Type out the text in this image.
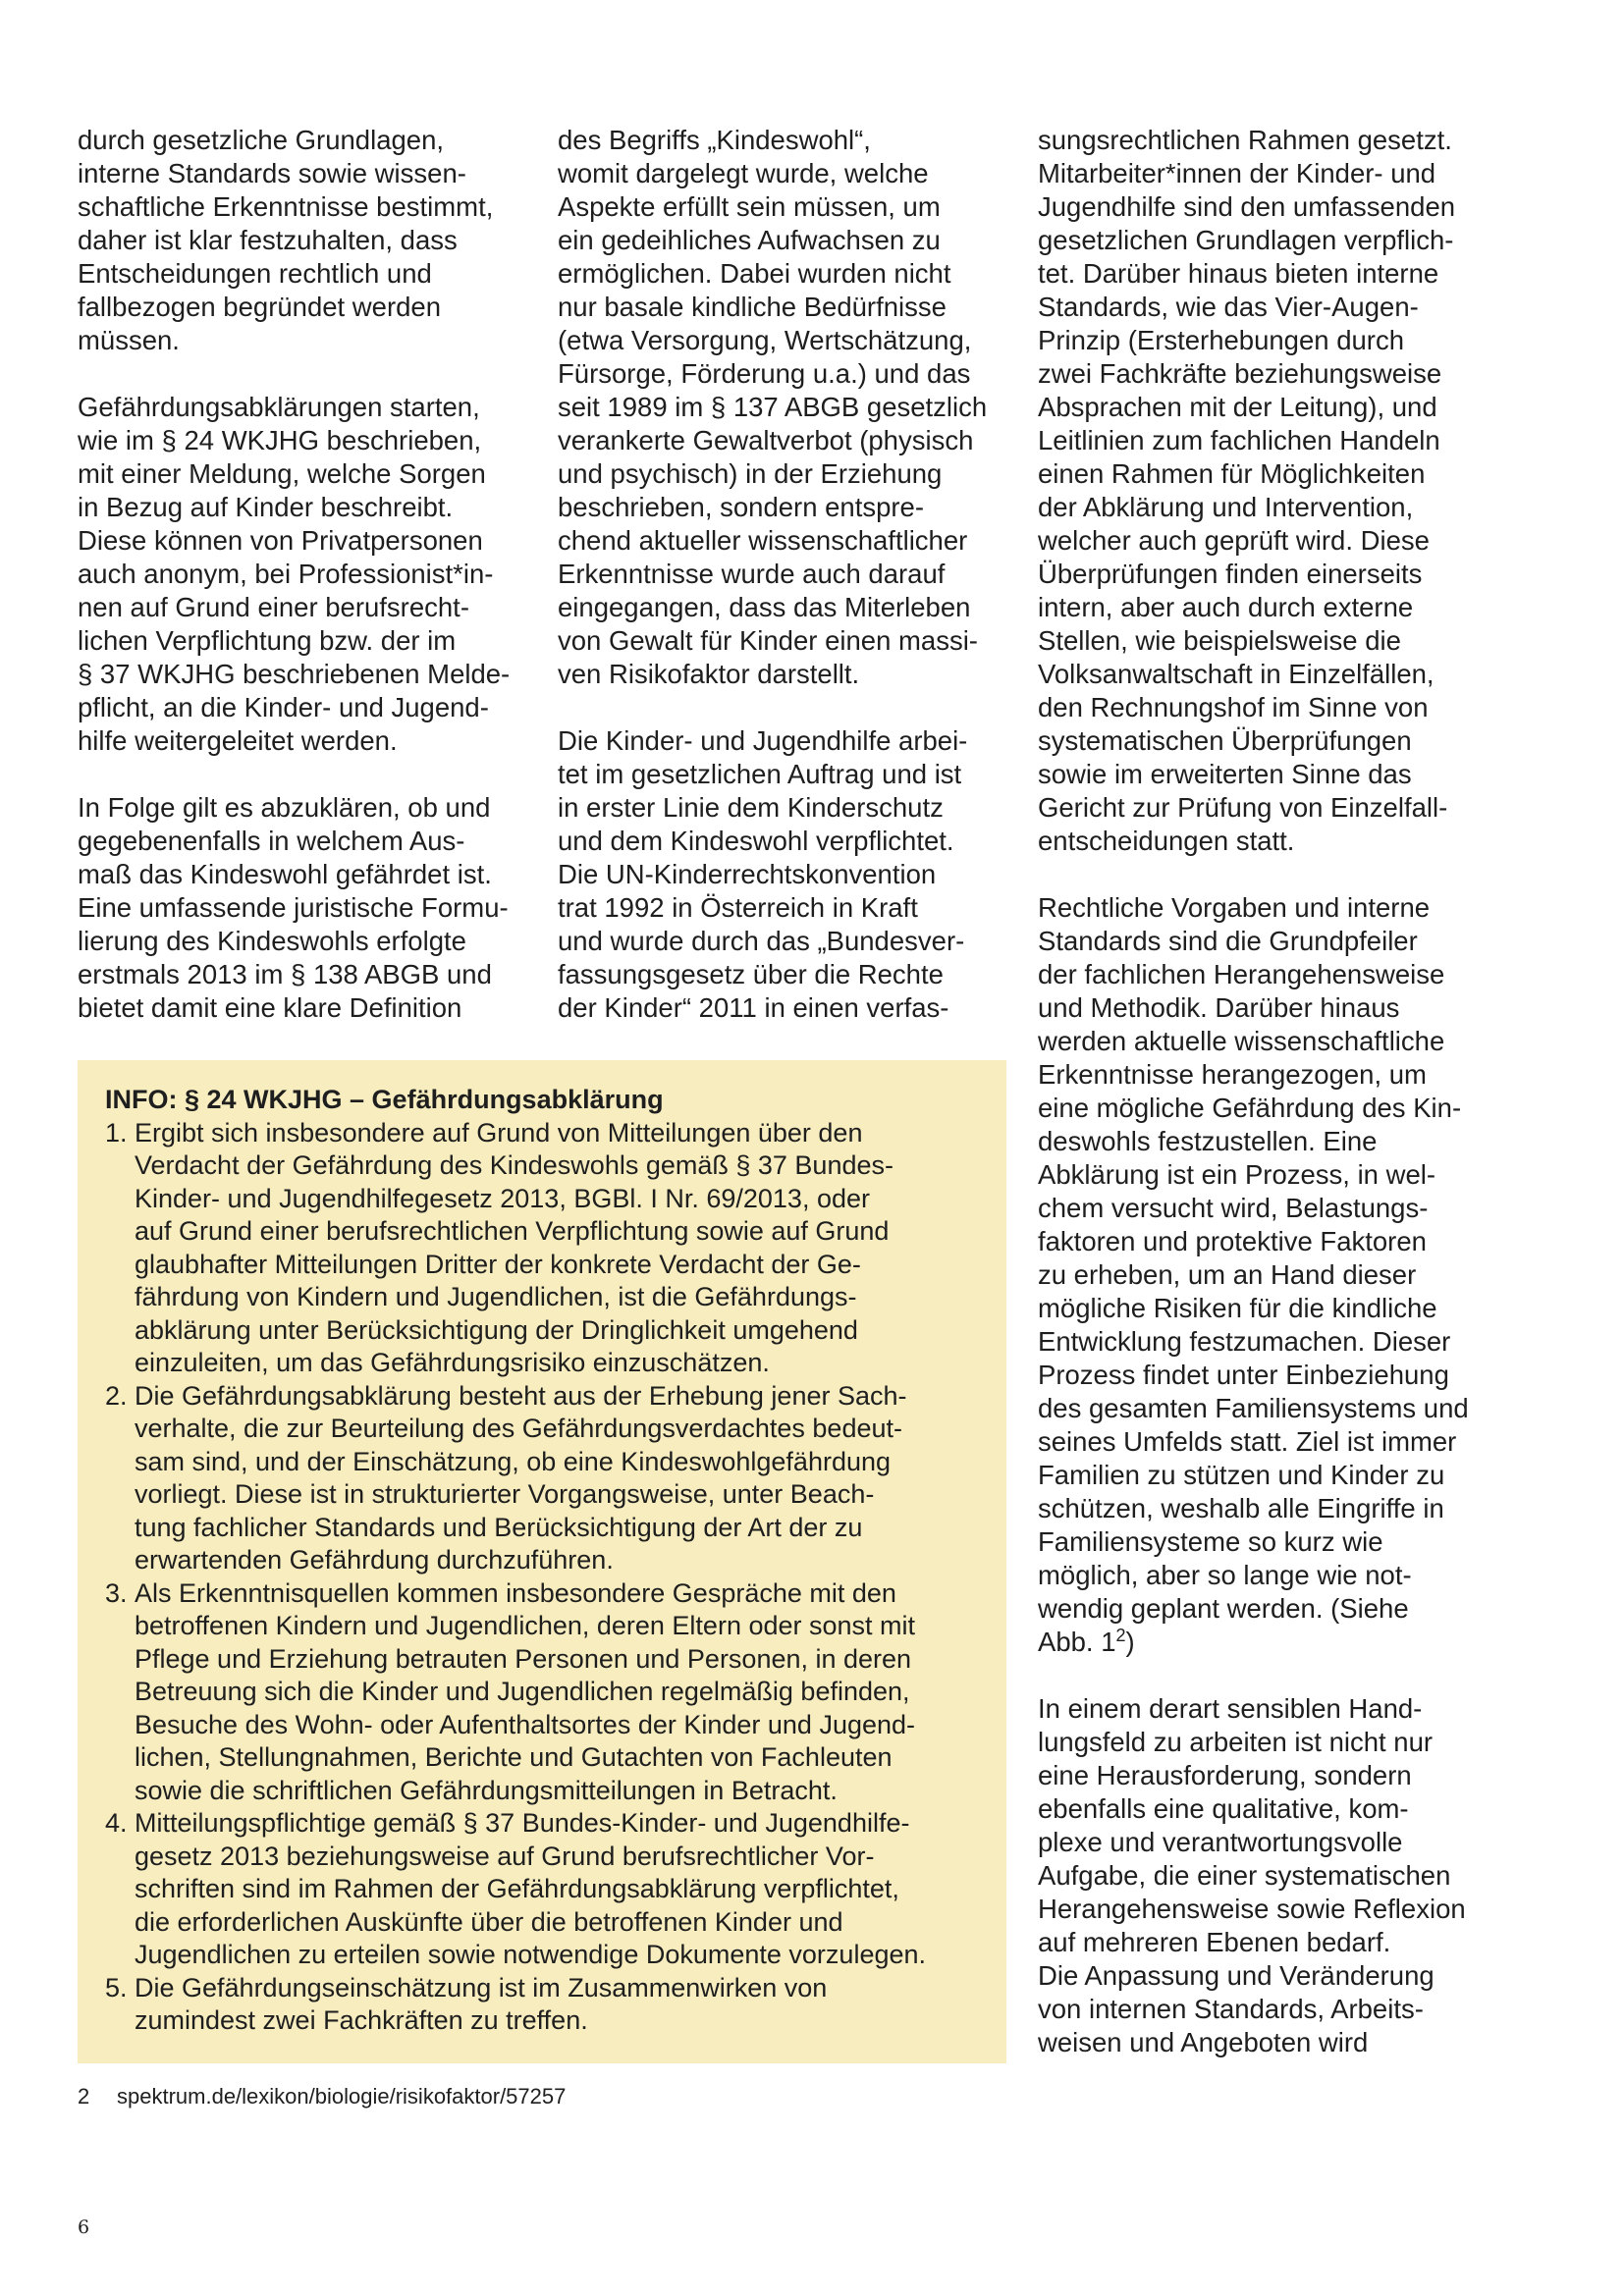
durch gesetzliche Grundlagen,
interne Standards sowie wissen-
schaftliche Erkenntnisse bestimmt,
daher ist klar festzuhalten, dass
Entscheidungen rechtlich und
fallbezogen begründet werden
müssen.

Gefährdungsabklärungen starten,
wie im § 24 WKJHG beschrieben,
mit einer Meldung, welche Sorgen
in Bezug auf Kinder beschreibt.
Diese können von Privatpersonen
auch anonym, bei Professionist*in-
nen auf Grund einer berufsrecht-
lichen Verpflichtung bzw. der im
§ 37 WKJHG beschriebenen Melde-
pflicht, an die Kinder- und Jugend-
hilfe weitergeleitet werden.

In Folge gilt es abzuklären, ob und
gegebenenfalls in welchem Aus-
maß das Kindeswohl gefährdet ist.
Eine umfassende juristische Formu-
lierung des Kindeswohls erfolgte
erstmals 2013 im § 138 ABGB und
bietet damit eine klare Definition

des Begriffs „Kindeswohl“,
womit dargelegt wurde, welche
Aspekte erfüllt sein müssen, um
ein gedeihliches Aufwachsen zu
ermöglichen. Dabei wurden nicht
nur basale kindliche Bedürfnisse
(etwa Versorgung, Wertschätzung,
Fürsorge, Förderung u.a.) und das
seit 1989 im § 137 ABGB gesetzlich
verankerte Gewaltverbot (physisch
und psychisch) in der Erziehung
beschrieben, sondern entspre-
chend aktueller wissenschaftlicher
Erkenntnisse wurde auch darauf
eingegangen, dass das Miterleben
von Gewalt für Kinder einen massi-
ven Risikofaktor darstellt.

Die Kinder- und Jugendhilfe arbei-
tet im gesetzlichen Auftrag und ist
in erster Linie dem Kinderschutz
und dem Kindeswohl verpflichtet.
Die UN-Kinderrechtskonvention
trat 1992 in Österreich in Kraft
und wurde durch das „Bundesver-
fassungsgesetz über die Rechte
der Kinder“ 2011 in einen verfas-

sungsrechtlichen Rahmen gesetzt.
Mitarbeiter*innen der Kinder- und
Jugendhilfe sind den umfassenden
gesetzlichen Grundlagen verpflich-
tet. Darüber hinaus bieten interne
Standards, wie das Vier-Augen-
Prinzip (Ersterhebungen durch
zwei Fachkräfte beziehungsweise
Absprachen mit der Leitung), und
Leitlinien zum fachlichen Handeln
einen Rahmen für Möglichkeiten
der Abklärung und Intervention,
welcher auch geprüft wird. Diese
Überprüfungen finden einerseits
intern, aber auch durch externe
Stellen, wie beispielsweise die
Volksanwaltschaft in Einzelfällen,
den Rechnungshof im Sinne von
systematischen Überprüfungen
sowie im erweiterten Sinne das
Gericht zur Prüfung von Einzelfall-
entscheidungen statt.

Rechtliche Vorgaben und interne
Standards sind die Grundpfeiler
der fachlichen Herangehensweise
und Methodik. Darüber hinaus
werden aktuelle wissenschaftliche
Erkenntnisse herangezogen, um
eine mögliche Gefährdung des Kin-
deswohls festzustellen. Eine
Abklärung ist ein Prozess, in wel-
chem versucht wird, Belastungs-
faktoren und protektive Faktoren
zu erheben, um an Hand dieser
mögliche Risiken für die kindliche
Entwicklung festzumachen. Dieser
Prozess findet unter Einbeziehung
des gesamten Familiensystems und
seines Umfelds statt. Ziel ist immer
Familien zu stützen und Kinder zu
schützen, weshalb alle Eingriffe in
Familiensysteme so kurz wie
möglich, aber so lange wie not-
wendig geplant werden. (Siehe
Abb. $1^2$)

In einem derart sensiblen Hand-
lungsfeld zu arbeiten ist nicht nur
eine Herausforderung, sondern
ebenfalls eine qualitative, kom-
plexe und verantwortungsvolle
Aufgabe, die einer systematischen
Herangehensweise sowie Reflexion
auf mehreren Ebenen bedarf.

Die Anpassung und Veränderung
von internen Standards, Arbeits-
weisen und Angeboten wird

INFO: § 24 WKJHG – Gefährdungsabklärung
1. Ergibt sich insbesondere auf Grund von Mitteilungen über den
Verdacht der Gefährdung des Kindeswohls gemäß § 37 Bundes-
Kinder- und Jugendhilfegesetz 2013, BGBl. I Nr. 69/2013, oder
auf Grund einer berufsrechtlichen Verpflichtung sowie auf Grund
glaubhafter Mitteilungen Dritter der konkrete Verdacht der Ge-
fährdung von Kindern und Jugendlichen, ist die Gefährdungs-
abklärung unter Berücksichtigung der Dringlichkeit umgehend
einzuleiten, um das Gefährdungsrisiko einzuschätzen.
2. Die Gefährdungsabklärung besteht aus der Erhebung jener Sach-
verhalte, die zur Beurteilung des Gefährdungsverdachtes bedeut-
sam sind, und der Einschätzung, ob eine Kindeswohlgefährdung
vorliegt. Diese ist in strukturierter Vorgangsweise, unter Beach-
tung fachlicher Standards und Berücksichtigung der Art der zu
erwartenden Gefährdung durchzuführen.
3. Als Erkenntnisquellen kommen insbesondere Gespräche mit den
betroffenen Kindern und Jugendlichen, deren Eltern oder sonst mit
Pflege und Erziehung betrauten Personen und Personen, in deren
Betreuung sich die Kinder und Jugendlichen regelmäßig befinden,
Besuche des Wohn- oder Aufenthaltsortes der Kinder und Jugend-
lichen, Stellungnahmen, Berichte und Gutachten von Fachleuten
sowie die schriftlichen Gefährdungsmitteilungen in Betracht.
4. Mitteilungspflichtige gemäß § 37 Bundes-Kinder- und Jugendhilfe-
gesetz 2013 beziehungsweise auf Grund berufsrechtlicher Vor-
schriften sind im Rahmen der Gefährdungsabklärung verpflichtet,
die erforderlichen Auskünfte über die betroffenen Kinder und
Jugendlichen zu erteilen sowie notwendige Dokumente vorzulegen.
5. Die Gefährdungseinschätzung ist im Zusammenwirken von
zumindest zwei Fachkräften zu treffen.
2 spektrum.de/lexikon/biologie/risikofaktor/57257
6
